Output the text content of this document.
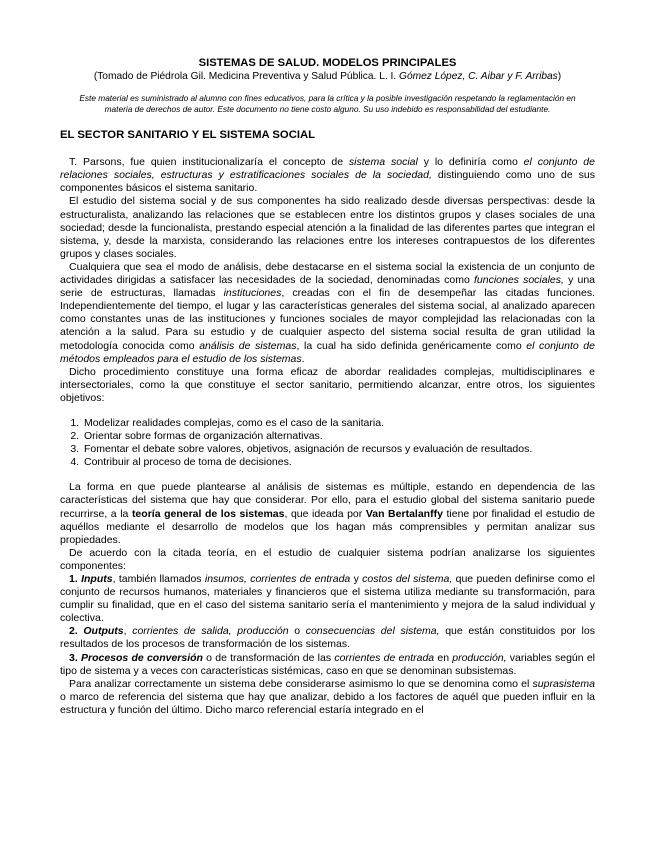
SISTEMAS DE SALUD. MODELOS PRINCIPALES

(Tomado de Piédrola Gil. Medicina Preventiva y Salud Pública. L. I. Gómez López, C. Aibar y F. Arribas)

Este material es suministrado al alumno con fines educativos, para la crítica y la posible investigación respetando la reglamentación en materia de derechos de autor. Este documento no tiene costo alguno. Su uso indebido es responsabilidad del estudiante.

EL SECTOR SANITARIO Y EL SISTEMA SOCIAL

T. Parsons, fue quien institucionalizaría el concepto de sistema social y lo definiría como el conjunto de relaciones sociales, estructuras y estratificaciones sociales de la sociedad, distinguiendo como uno de sus componentes básicos el sistema sanitario.

El estudio del sistema social y de sus componentes ha sido realizado desde diversas perspectivas: desde la estructuralista, analizando las relaciones que se establecen entre los distintos grupos y clases sociales de una sociedad; desde la funcionalista, prestando especial atención a la finalidad de las diferentes partes que integran el sistema, y, desde la marxista, considerando las relaciones entre los intereses contrapuestos de los diferentes grupos y clases sociales.

Cualquiera que sea el modo de análisis, debe destacarse en el sistema social la existencia de un conjunto de actividades dirigidas a satisfacer las necesidades de la sociedad, denominadas como funciones sociales, y una serie de estructuras, llamadas instituciones, creadas con el fin de desempeñar las citadas funciones. Independientemente del tiempo, el lugar y las características generales del sistema social, al analizado aparecen como constantes unas de las instituciones y funciones sociales de mayor complejidad las relacionadas con la atención a la salud. Para su estudio y de cualquier aspecto del sistema social resulta de gran utilidad la metodología conocida como análisis de sistemas, la cual ha sido definida genéricamente como el conjunto de métodos empleados para el estudio de los sistemas.

Dicho procedimiento constituye una forma eficaz de abordar realidades complejas, multidisciplinares e intersectoriales, como la que constituye el sector sanitario, permitiendo alcanzar, entre otros, los siguientes objetivos:

1. Modelizar realidades complejas, como es el caso de la sanitaria.
2. Orientar sobre formas de organización alternativas.
3. Fomentar el debate sobre valores, objetivos, asignación de recursos y evaluación de resultados.
4. Contribuir al proceso de toma de decisiones.

La forma en que puede plantearse al análisis de sistemas es múltiple, estando en dependencia de las características del sistema que hay que considerar. Por ello, para el estudio global del sistema sanitario puede recurrirse, a la teoría general de los sistemas, que ideada por Van Bertalanffy tiene por finalidad el estudio de aquéllos mediante el desarrollo de modelos que los hagan más comprensibles y permitan analizar sus propiedades.

De acuerdo con la citada teoría, en el estudio de cualquier sistema podrían analizarse los siguientes componentes:

1. Inputs, también llamados insumos, corrientes de entrada y costos del sistema, que pueden definirse como el conjunto de recursos humanos, materiales y financieros que el sistema utiliza mediante su transformación, para cumplir su finalidad, que en el caso del sistema sanitario sería el mantenimiento y mejora de la salud individual y colectiva.

2. Outputs, corrientes de salida, producción o consecuencias del sistema, que están constituidos por los resultados de los procesos de transformación de los sistemas.

3. Procesos de conversión o de transformación de las corrientes de entrada en producción, variables según el tipo de sistema y a veces con características sistémicas, caso en que se denominan subsistemas.

Para analizar correctamente un sistema debe considerarse asimismo lo que se denomina como el suprasistema o marco de referencia del sistema que hay que analizar, debido a los factores de aquél que pueden influir en la estructura y función del último. Dicho marco referencial estaría integrado en el
